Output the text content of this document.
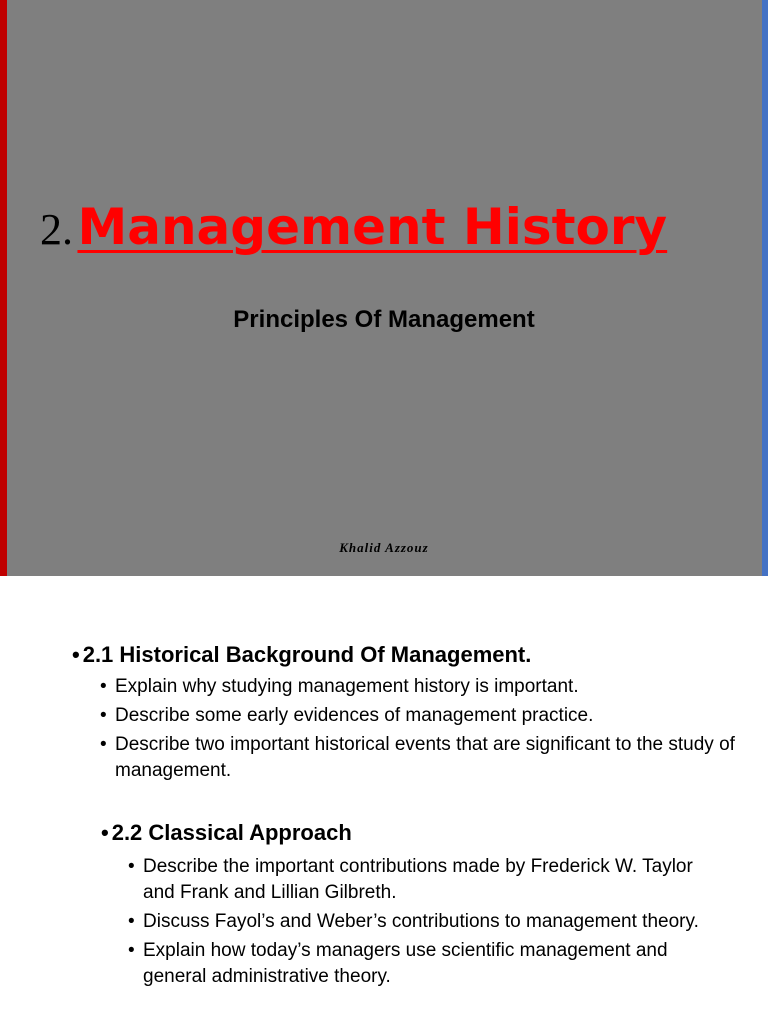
2. Management History
Principles Of Management
Khalid Azzouz

• 2.1 Historical Background Of Management.

• Explain why studying management history is important.
• Describe some early evidences of management practice.
• Describe two important historical events that are significant to the study of management.

• 2.2 Classical Approach

• Describe the important contributions made by Frederick W. Taylor and Frank and Lillian Gilbreth.
• Discuss Fayol’s and Weber’s contributions to management theory.
• Explain how today’s managers use scientific management and general administrative theory.
